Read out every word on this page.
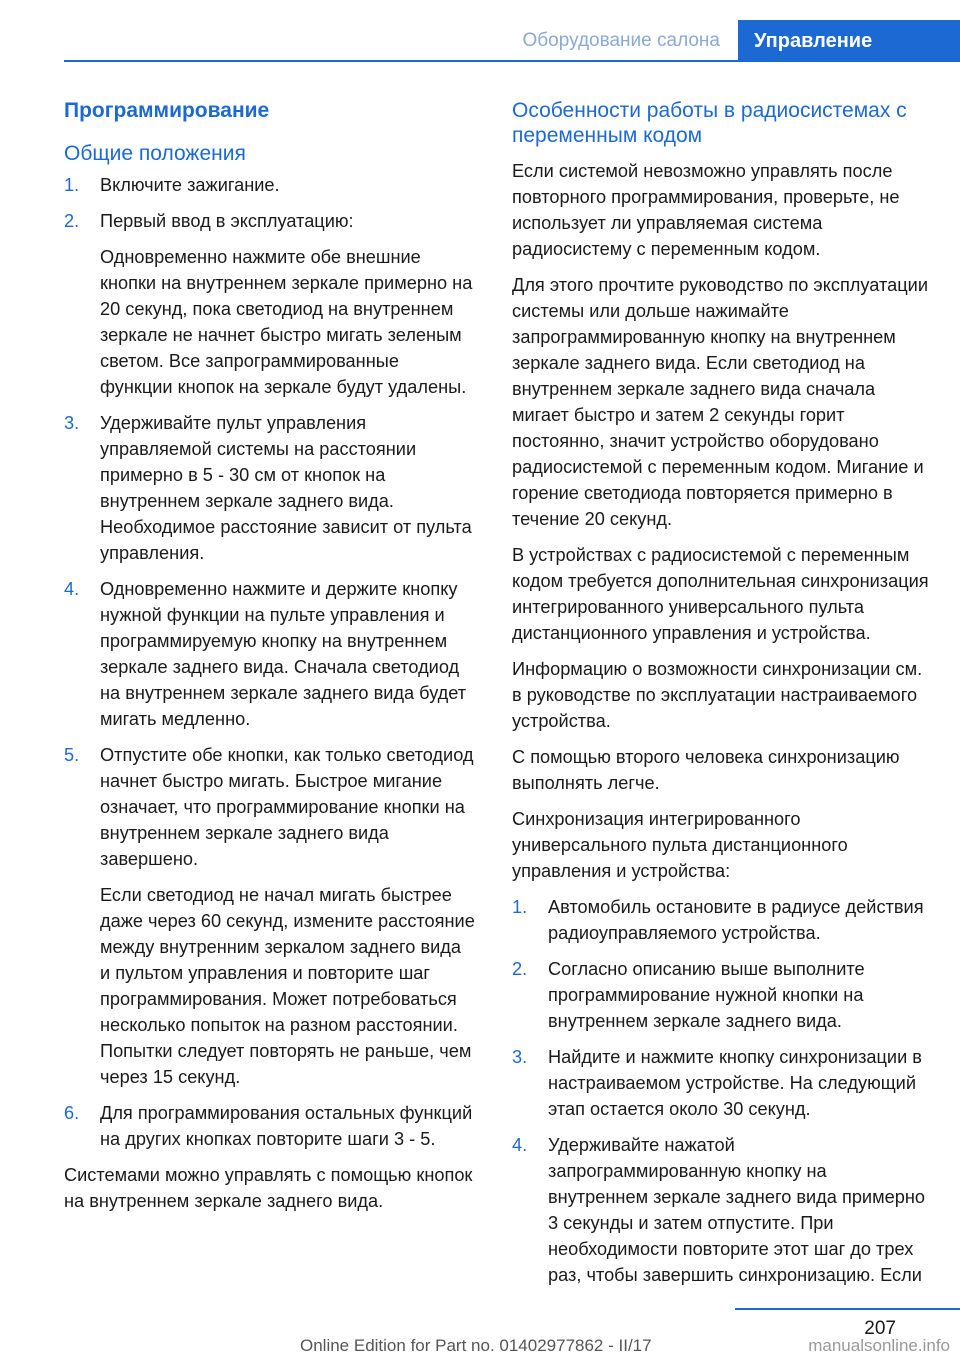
Оборудование салона	Управление
Программирование
Общие положения
1. Включите зажигание.

2. Первый ввод в эксплуатацию:

Одновременно нажмите обе внешние кнопки на внутреннем зеркале примерно на 20 секунд, пока светодиод на внутреннем зеркале не начнет быстро мигать зеленым светом. Все запрограммированные функции кнопок на зеркале будут удалены.

3. Удерживайте пульт управления управляемой системы на расстоянии примерно в 5 - 30 см от кнопок на внутреннем зеркале заднего вида. Необходимое расстояние зависит от пульта управления.

4. Одновременно нажмите и держите кнопку нужной функции на пульте управления и программируемую кнопку на внутреннем зеркале заднего вида. Сначала светодиод на внутреннем зеркале заднего вида будет мигать медленно.

5. Отпустите обе кнопки, как только светодиод начнет быстро мигать. Быстрое мигание означает, что программирование кнопки на внутреннем зеркале заднего вида завершено.

Если светодиод не начал мигать быстрее даже через 60 секунд, измените расстояние между внутренним зеркалом заднего вида и пультом управления и повторите шаг программирования. Может потребоваться несколько попыток на разном расстоянии. Попытки следует повторять не раньше, чем через 15 секунд.

6. Для программирования остальных функций на других кнопках повторите шаги 3 - 5.

Системами можно управлять с помощью кнопок на внутреннем зеркале заднего вида.

Особенности работы в радиосистемах с переменным кодом

Если системой невозможно управлять после повторного программирования, проверьте, не использует ли управляемая система радиосистему с переменным кодом.

Для этого прочтите руководство по эксплуатации системы или дольше нажимайте запрограммированную кнопку на внутреннем зеркале заднего вида. Если светодиод на внутреннем зеркале заднего вида сначала мигает быстро и затем 2 секунды горит постоянно, значит устройство оборудовано радиосистемой с переменным кодом. Мигание и горение светодиода повторяется примерно в течение 20 секунд.

В устройствах с радиосистемой с переменным кодом требуется дополнительная синхронизация интегрированного универсального пульта дистанционного управления и устройства.

Информацию о возможности синхронизации см. в руководстве по эксплуатации настраиваемого устройства.

С помощью второго человека синхронизацию выполнять легче.

Синхронизация интегрированного универсального пульта дистанционного управления и устройства:

1. Автомобиль остановите в радиусе действия радиоуправляемого устройства.

2. Согласно описанию выше выполните программирование нужной кнопки на внутреннем зеркале заднего вида.

3. Найдите и нажмите кнопку синхронизации в настраиваемом устройстве. На следующий этап остается около 30 секунд.

4. Удерживайте нажатой запрограммированную кнопку на внутреннем зеркале заднего вида примерно 3 секунды и затем отпустите. При необходимости повторите этот шаг до трех раз, чтобы завершить синхронизацию. Если

207
Online Edition for Part no. 01402977862 - II/17	manualsonline.info
